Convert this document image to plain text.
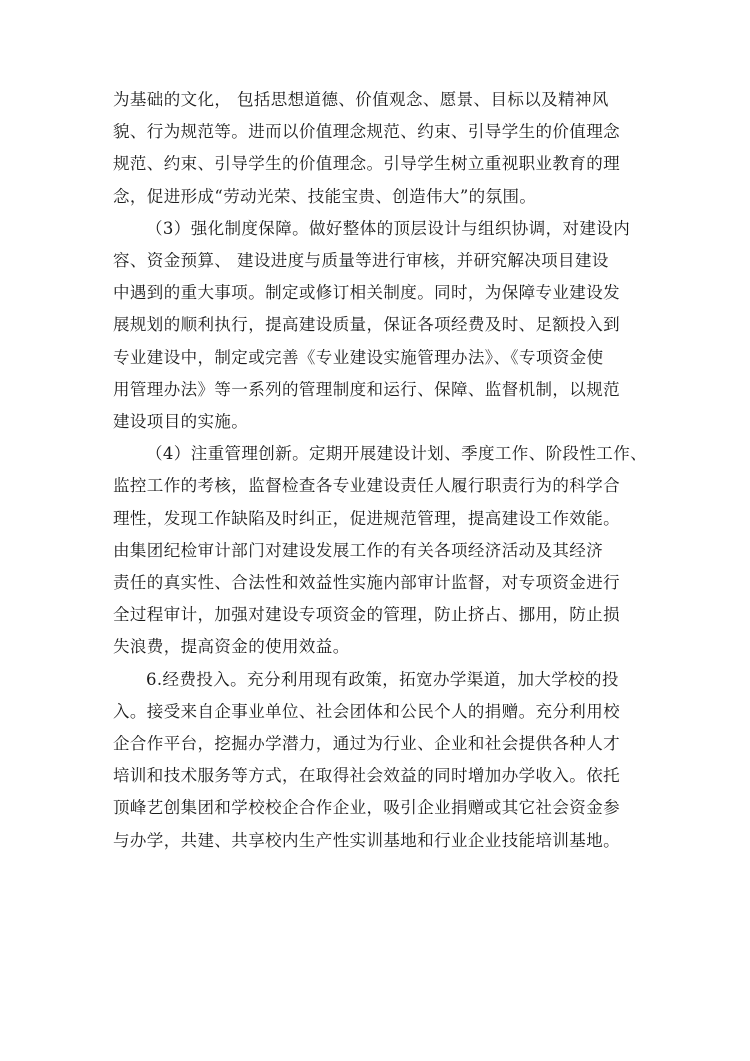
为基础的文化， 包括思想道德、价值观念、愿景、目标以及精神风
貌、行为规范等。进而以价值理念规范、约束、引导学生的价值理念
规范、约束、引导学生的价值理念。引导学生树立重视职业教育的理
念，促进形成“劳动光荣、技能宝贵、创造伟大”的氛围。
（3）强化制度保障。做好整体的顶层设计与组织协调，对建设内
容、资金预算、 建设进度与质量等进行审核，并研究解决项目建设
中遇到的重大事项。制定或修订相关制度。同时，为保障专业建设发
展规划的顺利执行，提高建设质量，保证各项经费及时、足额投入到
专业建设中，制定或完善《专业建设实施管理办法》、《专项资金使
用管理办法》等一系列的管理制度和运行、保障、监督机制，以规范
建设项目的实施。
（4）注重管理创新。定期开展建设计划、季度工作、阶段性工作、
监控工作的考核，监督检查各专业建设责任人履行职责行为的科学合
理性，发现工作缺陷及时纠正，促进规范管理，提高建设工作效能。
由集团纪检审计部门对建设发展工作的有关各项经济活动及其经济
责任的真实性、合法性和效益性实施内部审计监督，对专项资金进行
全过程审计，加强对建设专项资金的管理，防止挤占、挪用，防止损
失浪费，提高资金的使用效益。
6.经费投入。充分利用现有政策，拓宽办学渠道，加大学校的投
入。接受来自企事业单位、社会团体和公民个人的捐赠。充分利用校
企合作平台，挖掘办学潜力，通过为行业、企业和社会提供各种人才
培训和技术服务等方式，在取得社会效益的同时增加办学收入。依托
顶峰艺创集团和学校校企合作企业，吸引企业捐赠或其它社会资金参
与办学，共建、共享校内生产性实训基地和行业企业技能培训基地。
